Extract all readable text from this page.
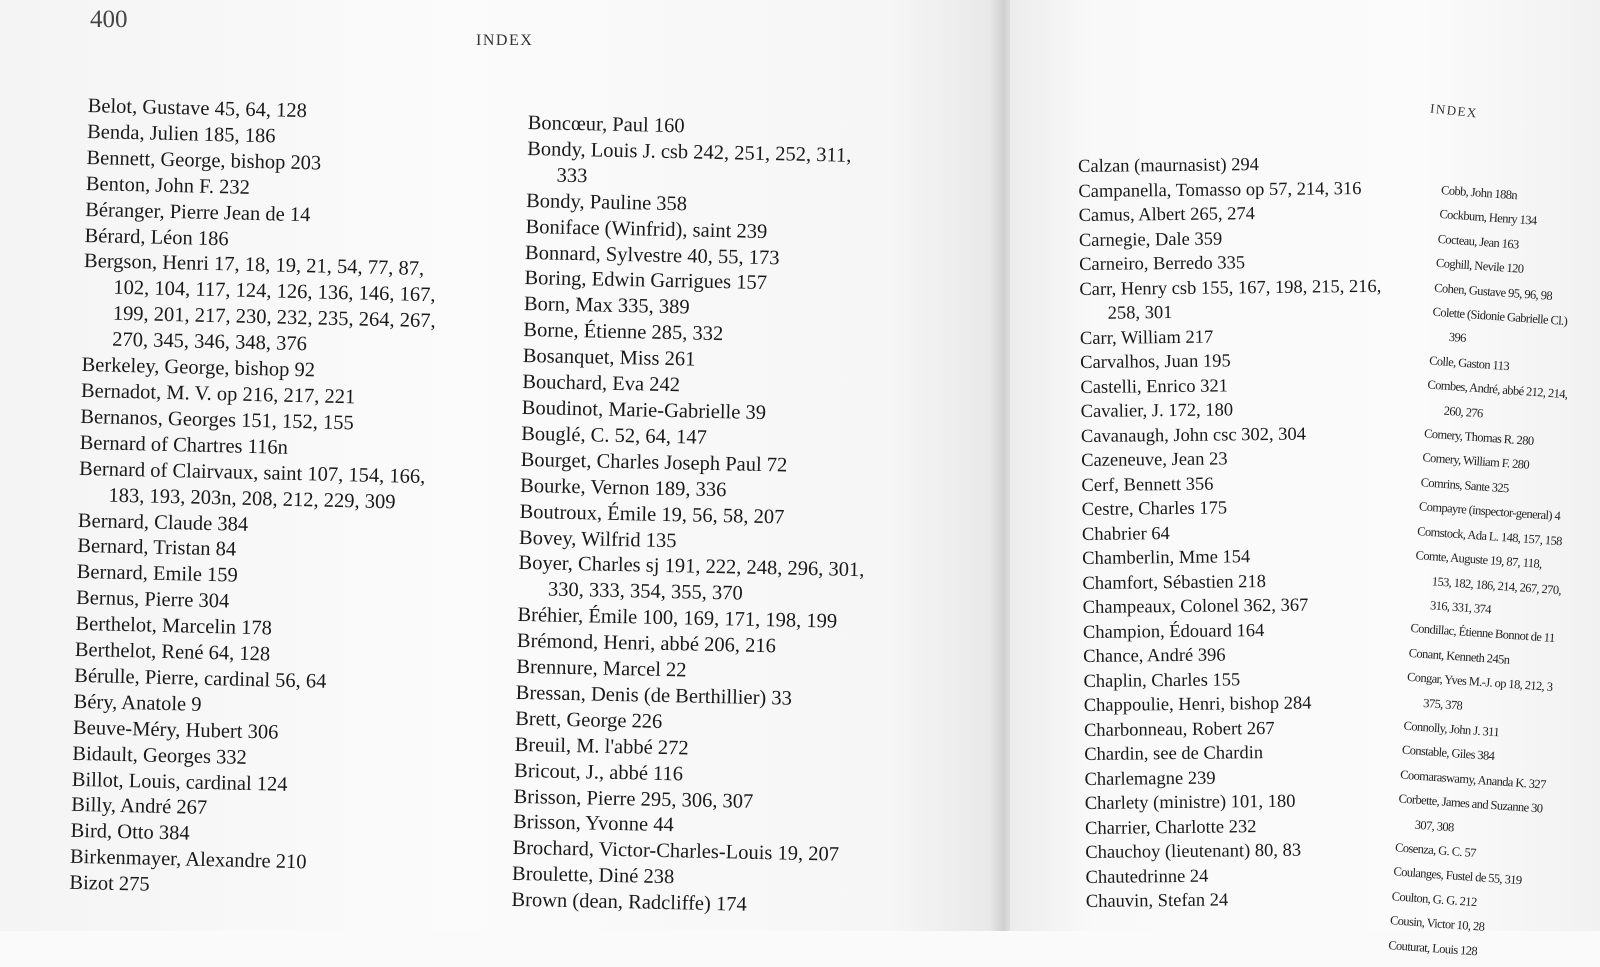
400
INDEX
Belot, Gustave 45, 64, 128
Benda, Julien 185, 186
Bennett, George, bishop 203
Benton, John F. 232
Béranger, Pierre Jean de 14
Bérard, Léon 186
Bergson, Henri 17, 18, 19, 21, 54, 77, 87,
102, 104, 117, 124, 126, 136, 146, 167,
199, 201, 217, 230, 232, 235, 264, 267,
270, 345, 346, 348, 376
Berkeley, George, bishop 92
Bernadot, M. V. op 216, 217, 221
Bernanos, Georges 151, 152, 155
Bernard of Chartres 116n
Bernard of Clairvaux, saint 107, 154, 166,
183, 193, 203n, 208, 212, 229, 309
Bernard, Claude 384
Bernard, Tristan 84
Bernard, Emile 159
Bernus, Pierre 304
Berthelot, Marcelin 178
Berthelot, René 64, 128
Bérulle, Pierre, cardinal 56, 64
Béry, Anatole 9
Beuve-Méry, Hubert 306
Bidault, Georges 332
Billot, Louis, cardinal 124
Billy, André 267
Bird, Otto 384
Birkenmayer, Alexandre 210
Bizot 275
Boncœur, Paul 160
Bondy, Louis J. csb 242, 251, 252, 311,
333
Bondy, Pauline 358
Boniface (Winfrid), saint 239
Bonnard, Sylvestre 40, 55, 173
Boring, Edwin Garrigues 157
Born, Max 335, 389
Borne, Étienne 285, 332
Bosanquet, Miss 261
Bouchard, Eva 242
Boudinot, Marie-Gabrielle 39
Bouglé, C. 52, 64, 147
Bourget, Charles Joseph Paul 72
Bourke, Vernon 189, 336
Boutroux, Émile 19, 56, 58, 207
Bovey, Wilfrid 135
Boyer, Charles sj 191, 222, 248, 296, 301,
330, 333, 354, 355, 370
Bréhier, Émile 100, 169, 171, 198, 199
Brémond, Henri, abbé 206, 216
Brennure, Marcel 22
Bressan, Denis (de Berthillier) 33
Brett, George 226
Breuil, M. l'abbé 272
Bricout, J., abbé 116
Brisson, Pierre 295, 306, 307
Brisson, Yvonne 44
Brochard, Victor-Charles-Louis 19, 207
Broulette, Diné 238
Brown (dean, Radcliffe) 174
INDEX
Calzan (maurnasist) 294
Campanella, Tomasso op 57, 214, 316
Camus, Albert 265, 274
Carnegie, Dale 359
Carneiro, Berredo 335
Carr, Henry csb 155, 167, 198, 215, 216,
258, 301
Carr, William 217
Carvalhos, Juan 195
Castelli, Enrico 321
Cavalier, J. 172, 180
Cavanaugh, John csc 302, 304
Cazeneuve, Jean 23
Cerf, Bennett 356
Cestre, Charles 175
Chabrier 64
Chamberlin, Mme 154
Chamfort, Sébastien 218
Champeaux, Colonel 362, 367
Champion, Édouard 164
Chance, André 396
Chaplin, Charles 155
Chappoulie, Henri, bishop 284
Charbonneau, Robert 267
Chardin, see de Chardin
Charlemagne 239
Charlety (ministre) 101, 180
Charrier, Charlotte 232
Chauchoy (lieutenant) 80, 83
Chautedrinne 24
Chauvin, Stefan 24
Cobb, John 188n
Cockburn, Henry 134
Cocteau, Jean 163
Coghill, Nevile 120
Cohen, Gustave 95, 96, 98
Colette (Sidonie Gabrielle Cl.)
396
Colle, Gaston 113
Combes, André, abbé 212, 214,
260, 276
Comery, Thomas R. 280
Comery, William F. 280
Comrins, Sante 325
Compayre (inspector-general) 4
Comstock, Ada L. 148, 157, 158
Comte, Auguste 19, 87, 118,
153, 182, 186, 214, 267, 270,
316, 331, 374
Condillac, Étienne Bonnot de 11
Conant, Kenneth 245n
Congar, Yves M.-J. op 18, 212, 3
375, 378
Connolly, John J. 311
Constable, Giles 384
Coomaraswamy, Ananda K. 327
Corbette, James and Suzanne 30
307, 308
Cosenza, G. C. 57
Coulanges, Fustel de 55, 319
Coulton, G. G. 212
Cousin, Victor 10, 28
Couturat, Louis 128
